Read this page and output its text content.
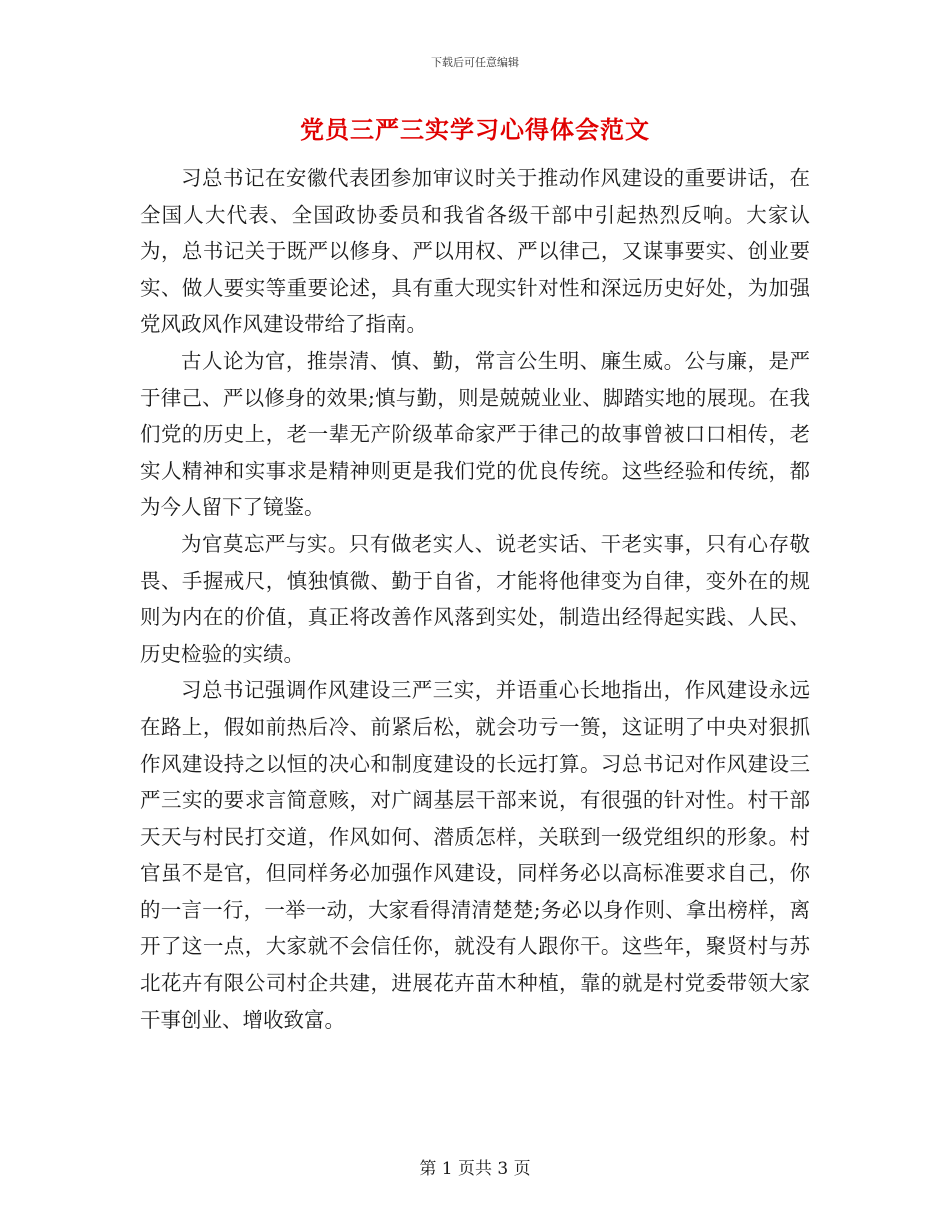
下载后可任意编辑
党员三严三实学习心得体会范文

习总书记在安徽代表团参加审议时关于推动作风建设的重要讲话，在全国人大代表、全国政协委员和我省各级干部中引起热烈反响。大家认为，总书记关于既严以修身、严以用权、严以律己，又谋事要实、创业要实、做人要实等重要论述，具有重大现实针对性和深远历史好处，为加强党风政风作风建设带给了指南。

古人论为官，推崇清、慎、勤，常言公生明、廉生威。公与廉，是严于律己、严以修身的效果;慎与勤，则是兢兢业业、脚踏实地的展现。在我们党的历史上，老一辈无产阶级革命家严于律己的故事曾被口口相传，老实人精神和实事求是精神则更是我们党的优良传统。这些经验和传统，都为今人留下了镜鉴。

为官莫忘严与实。只有做老实人、说老实话、干老实事，只有心存敬畏、手握戒尺，慎独慎微、勤于自省，才能将他律变为自律，变外在的规则为内在的价值，真正将改善作风落到实处，制造出经得起实践、人民、历史检验的实绩。

习总书记强调作风建设三严三实，并语重心长地指出，作风建设永远在路上，假如前热后冷、前紧后松，就会功亏一篑，这证明了中央对狠抓作风建设持之以恒的决心和制度建设的长远打算。习总书记对作风建设三严三实的要求言简意赅，对广阔基层干部来说，有很强的针对性。村干部天天与村民打交道，作风如何、潜质怎样，关联到一级党组织的形象。村官虽不是官，但同样务必加强作风建设，同样务必以高标准要求自己，你的一言一行，一举一动，大家看得清清楚楚;务必以身作则、拿出榜样，离开了这一点，大家就不会信任你，就没有人跟你干。这些年，聚贤村与苏北花卉有限公司村企共建，进展花卉苗木种植，靠的就是村党委带领大家干事创业、增收致富。

第 1 页共 3 页
